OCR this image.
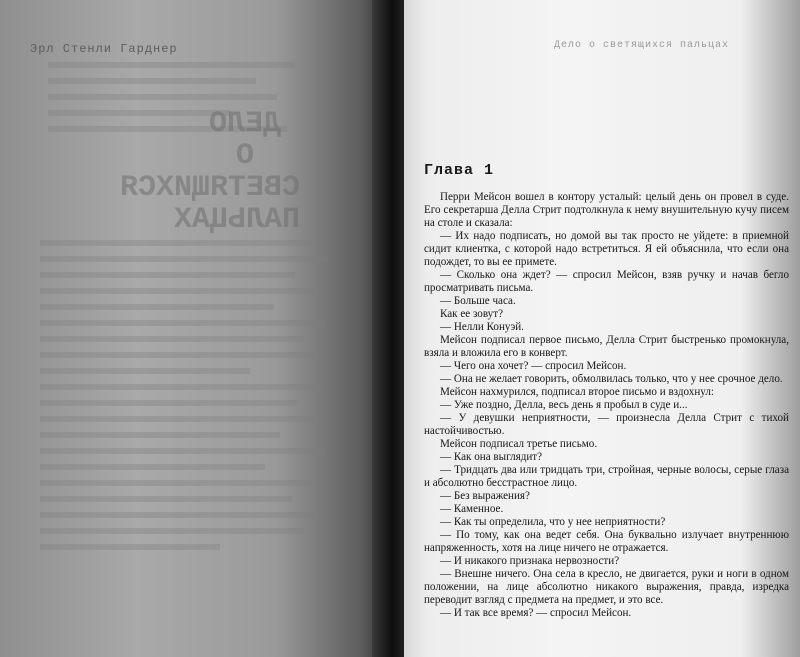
Эрл Стенли Гарднер
ДЕЛО
О СВЕТЯЩИХСЯ
ПАЛЬЦАХ
Дело о светящихся пальцах
Глава 1

Перри Мейсон вошел в контору усталый: целый день он провел в суде. Его секретарша Делла Стрит подтолкнула к нему внушительную кучу писем на столе и сказала:

— Их надо подписать, но домой вы так просто не уйдете: в приемной сидит клиентка, с которой надо встретиться. Я ей объяснила, что если она подождет, то вы ее примете.

— Сколько она ждет? — спросил Мейсон, взяв ручку и начав бегло просматривать письма.

— Больше часа.

Как ее зовут?

— Нелли Конуэй.

Мейсон подписал первое письмо, Делла Стрит быстренько промокнула, взяла и вложила его в конверт.

— Чего она хочет? — спросил Мейсон.

— Она не желает говорить, обмолвилась только, что у нее срочное дело.

Мейсон нахмурился, подписал второе письмо и вздохнул:

— Уже поздно, Делла, весь день я пробыл в суде и...

— У девушки неприятности, — произнесла Делла Стрит с тихой настойчивостью.

Мейсон подписал третье письмо.

— Как она выглядит?

— Тридцать два или тридцать три, стройная, черные волосы, серые глаза и абсолютно бесстрастное лицо.

— Без выражения?

— Каменное.

— Как ты определила, что у нее неприятности?

— По тому, как она ведет себя. Она буквально излучает внутреннюю напряженность, хотя на лице ничего не отражается.

— И никакого признака нервозности?

— Внешне ничего. Она села в кресло, не двигается, руки и ноги в одном положении, на лице абсолютно никакого выражения, правда, изредка переводит взгляд с предмета на предмет, и это все.

— И так все время? — спросил Мейсон.
